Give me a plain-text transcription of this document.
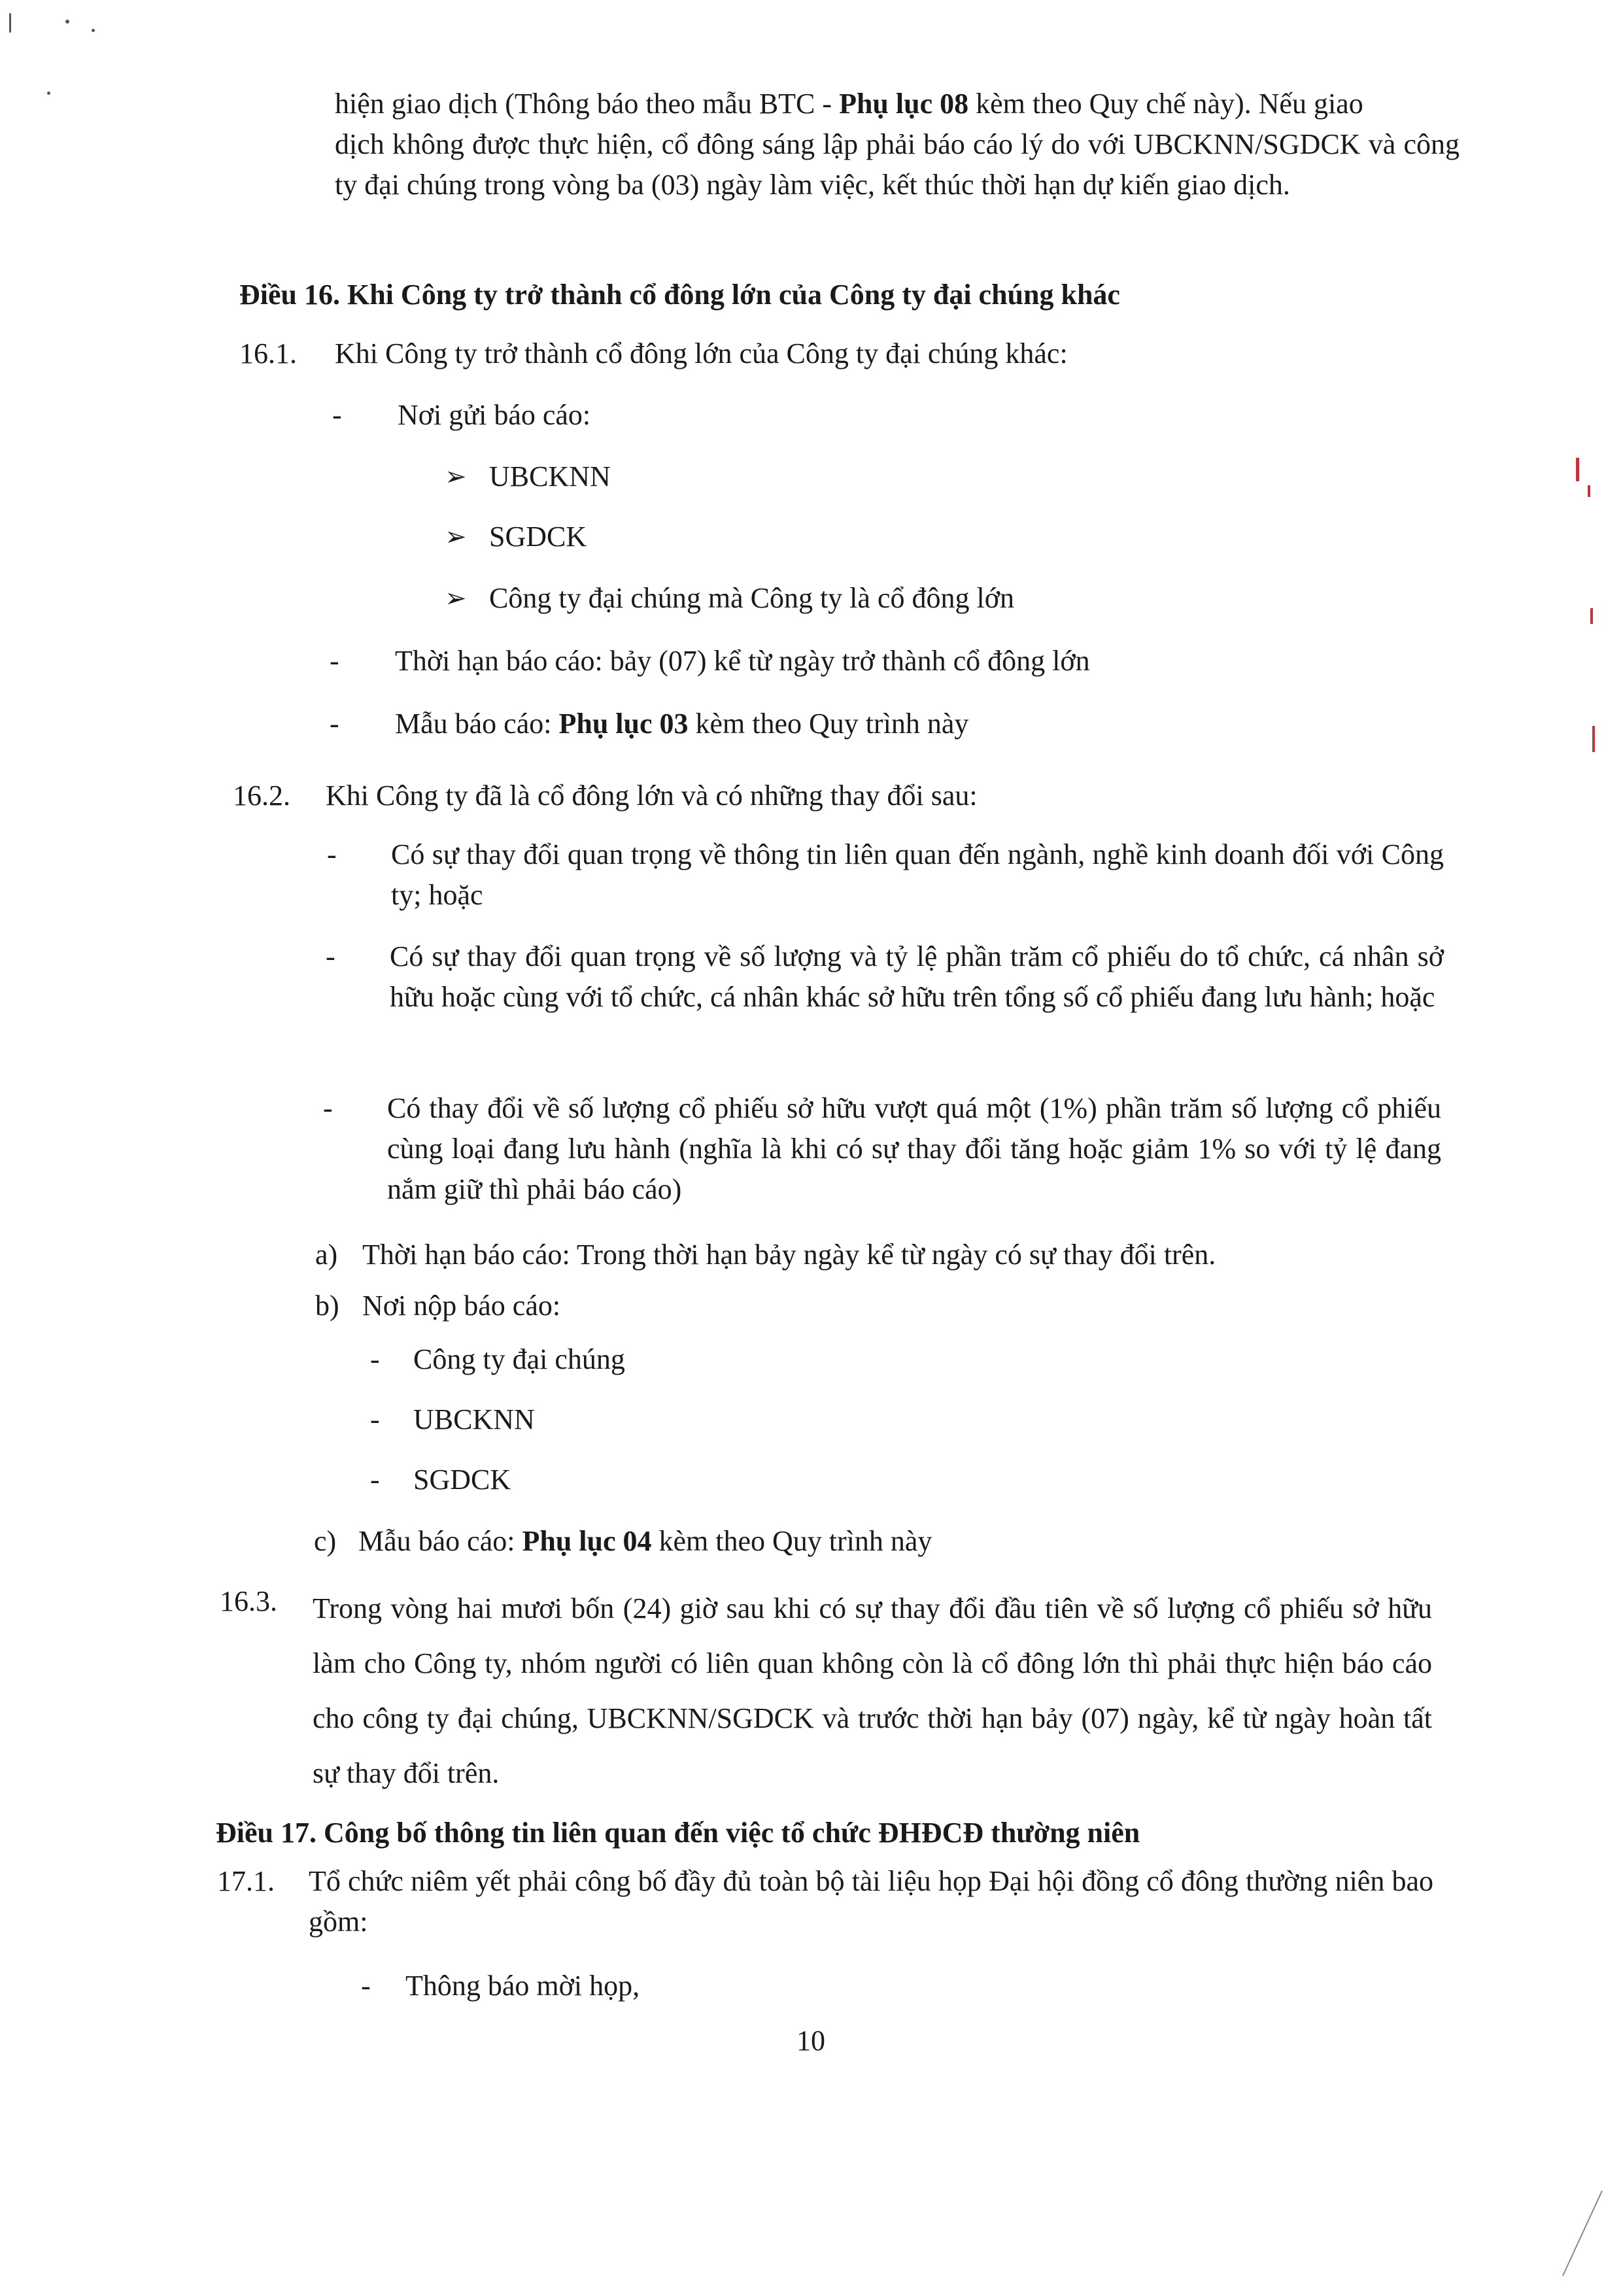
hiện giao dịch (Thông báo theo mẫu BTC - Phụ lục 08 kèm theo Quy chế này). Nếu giao
dịch không được thực hiện, cổ đông sáng lập phải báo cáo lý do với UBCKNN/SGDCK và công ty đại chúng trong vòng ba (03) ngày làm việc, kết thúc thời hạn dự kiến giao dịch.
Điều 16. Khi Công ty trở thành cổ đông lớn của Công ty đại chúng khác
16.1. Khi Công ty trở thành cổ đông lớn của Công ty đại chúng khác:
- Nơi gửi báo cáo:
➢ UBCKNN
➢ SGDCK
➢ Công ty đại chúng mà Công ty là cổ đông lớn
- Thời hạn báo cáo: bảy (07) kể từ ngày trở thành cổ đông lớn
- Mẫu báo cáo: Phụ lục 03 kèm theo Quy trình này
16.2. Khi Công ty đã là cổ đông lớn và có những thay đổi sau:
- Có sự thay đổi quan trọng về thông tin liên quan đến ngành, nghề kinh doanh đối với Công ty; hoặc
- Có sự thay đổi quan trọng về số lượng và tỷ lệ phần trăm cổ phiếu do tổ chức, cá nhân sở hữu hoặc cùng với tổ chức, cá nhân khác sở hữu trên tổng số cổ phiếu đang lưu hành; hoặc
- Có thay đổi về số lượng cổ phiếu sở hữu vượt quá một (1%) phần trăm số lượng cổ phiếu cùng loại đang lưu hành (nghĩa là khi có sự thay đổi tăng hoặc giảm 1% so với tỷ lệ đang nắm giữ thì phải báo cáo)
a) Thời hạn báo cáo: Trong thời hạn bảy ngày kể từ ngày có sự thay đổi trên.
b) Nơi nộp báo cáo:
- Công ty đại chúng
- UBCKNN
- SGDCK
c) Mẫu báo cáo: Phụ lục 04 kèm theo Quy trình này
16.3. Trong vòng hai mươi bốn (24) giờ sau khi có sự thay đổi đầu tiên về số lượng cổ phiếu sở hữu làm cho Công ty, nhóm người có liên quan không còn là cổ đông lớn thì phải thực hiện báo cáo cho công ty đại chúng, UBCKNN/SGDCK và trước thời hạn bảy (07) ngày, kể từ ngày hoàn tất sự thay đổi trên.
Điều 17. Công bố thông tin liên quan đến việc tổ chức ĐHĐCĐ thường niên
17.1. Tổ chức niêm yết phải công bố đầy đủ toàn bộ tài liệu họp Đại hội đồng cổ đông thường niên bao gồm:
- Thông báo mời họp,
10
